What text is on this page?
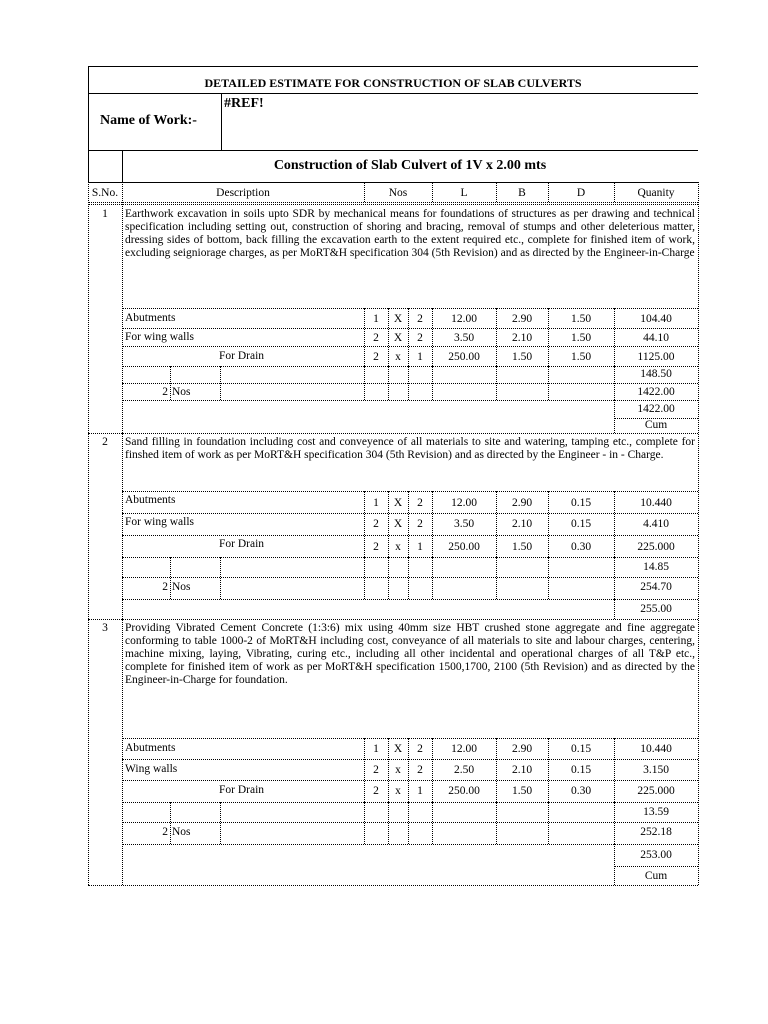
DETAILED ESTIMATE FOR CONSTRUCTION OF SLAB CULVERTS
Name of Work:-
#REF!
Construction of Slab Culvert of 1V x 2.00 mts
S.No.	Description	Nos	L	B	D	Quanity
1	Earthwork excavation in soils upto SDR by mechanical means for foundations of structures as per drawing and technical specification including setting out, construction of shoring and bracing, removal of stumps and other deleterious matter, dressing sides of bottom, back filling the excavation earth to the extent required etc., complete for finished item of work, excluding seigniorage charges, as per MoRT&H specification 304 (5th Revision) and as directed by the Engineer-in-Charge
Abutments	1	X	2	12.00	2.90	1.50	104.40
For wing walls	2	X	2	3.50	2.10	1.50	44.10
For Drain	2	x	1	250.00	1.50	1.50	1125.00
148.50
2 Nos	1422.00
1422.00
Cum
2	Sand filling in foundation including cost and conveyence of all materials to site and watering, tamping etc., complete for finshed item of work as per MoRT&H specification 304 (5th Revision) and as directed by the Engineer - in - Charge.
Abutments	1	X	2	12.00	2.90	0.15	10.440
For wing walls	2	X	2	3.50	2.10	0.15	4.410
For Drain	2	x	1	250.00	1.50	0.30	225.000
14.85
2 Nos	254.70
255.00
3	Providing Vibrated Cement Concrete (1:3:6) mix using 40mm size HBT crushed stone aggregate and fine aggregate conforming to table 1000-2 of MoRT&H including cost, conveyance of all materials to site and labour charges, centering, machine mixing, laying, Vibrating, curing etc., including all other incidental and operational charges of all T&P etc., complete for finished item of work as per MoRT&H specification 1500,1700, 2100 (5th Revision) and as directed by the Engineer-in-Charge for foundation.
Abutments	1	X	2	12.00	2.90	0.15	10.440
Wing walls	2	x	2	2.50	2.10	0.15	3.150
For Drain	2	x	1	250.00	1.50	0.30	225.000
13.59
2 Nos	252.18
253.00
Cum
